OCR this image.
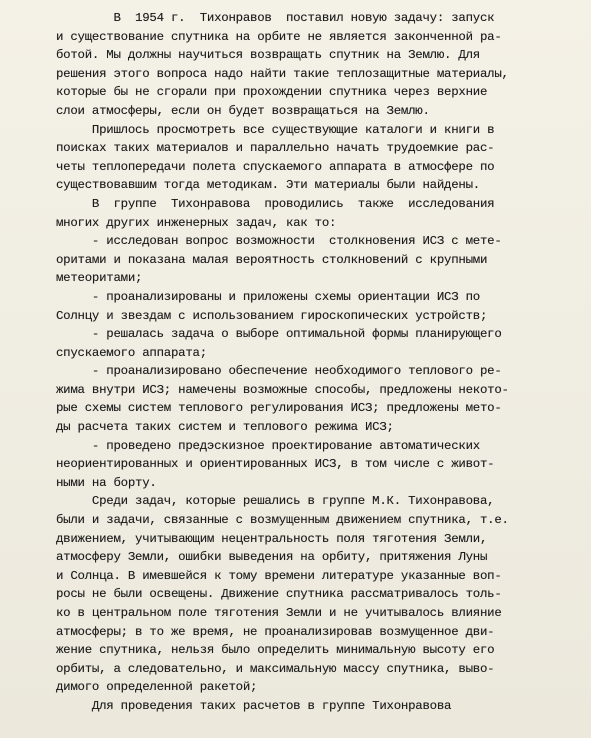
В  1954 г.  Тихонравов  поставил новую задачу: запуск
и существование спутника на орбите не является законченной ра-
ботой. Мы должны научиться возвращать спутник на Землю. Для
решения этого вопроса надо найти такие теплозащитные материалы,
которые бы не сгорали при прохождении спутника через верхние
слои атмосферы, если он будет возвращаться на Землю.
Пришлось просмотреть все существующие каталоги и книги в
поисках таких материалов и параллельно начать трудоемкие рас-
четы теплопередачи полета спускаемого аппарата в атмосфере по
существовавшим тогда методикам. Эти материалы были найдены.
В  группе  Тихонравова  проводились  также  исследования
многих других инженерных задач, как то:
- исследован вопрос возможности  столкновения ИСЗ с мете-
оритами и показана малая вероятность столкновений с крупными
метеоритами;
- проанализированы и приложены схемы ориентации ИСЗ по
Солнцу и звездам с использованием гироскопических устройств;
- решалась задача о выборе оптимальной формы планирующего
спускаемого аппарата;
- проанализировано обеспечение необходимого теплового ре-
жима внутри ИСЗ; намечены возможные способы, предложены некото-
рые схемы систем теплового регулирования ИСЗ; предложены мето-
ды расчета таких систем и теплового режима ИСЗ;
- проведено предэскизное проектирование автоматических
неориентированных и ориентированных ИСЗ, в том числе с живот-
ными на борту.
Среди задач, которые решались в группе М.К. Тихонравова,
были и задачи, связанные с возмущенным движением спутника, т.е.
движением, учитывающим нецентральность поля тяготения Земли,
атмосферу Земли, ошибки выведения на орбиту, притяжения Луны
и Солнца. В имевшейся к тому времени литературе указанные воп-
росы не были освещены. Движение спутника рассматривалось толь-
ко в центральном поле тяготения Земли и не учитывалось влияние
атмосферы; в то же время, не проанализировав возмущенное дви-
жение спутника, нельзя было определить минимальную высоту его
орбиты, а следовательно, и максимальную массу спутника, выво-
димого определенной ракетой;
Для проведения таких расчетов в группе Тихонравова
